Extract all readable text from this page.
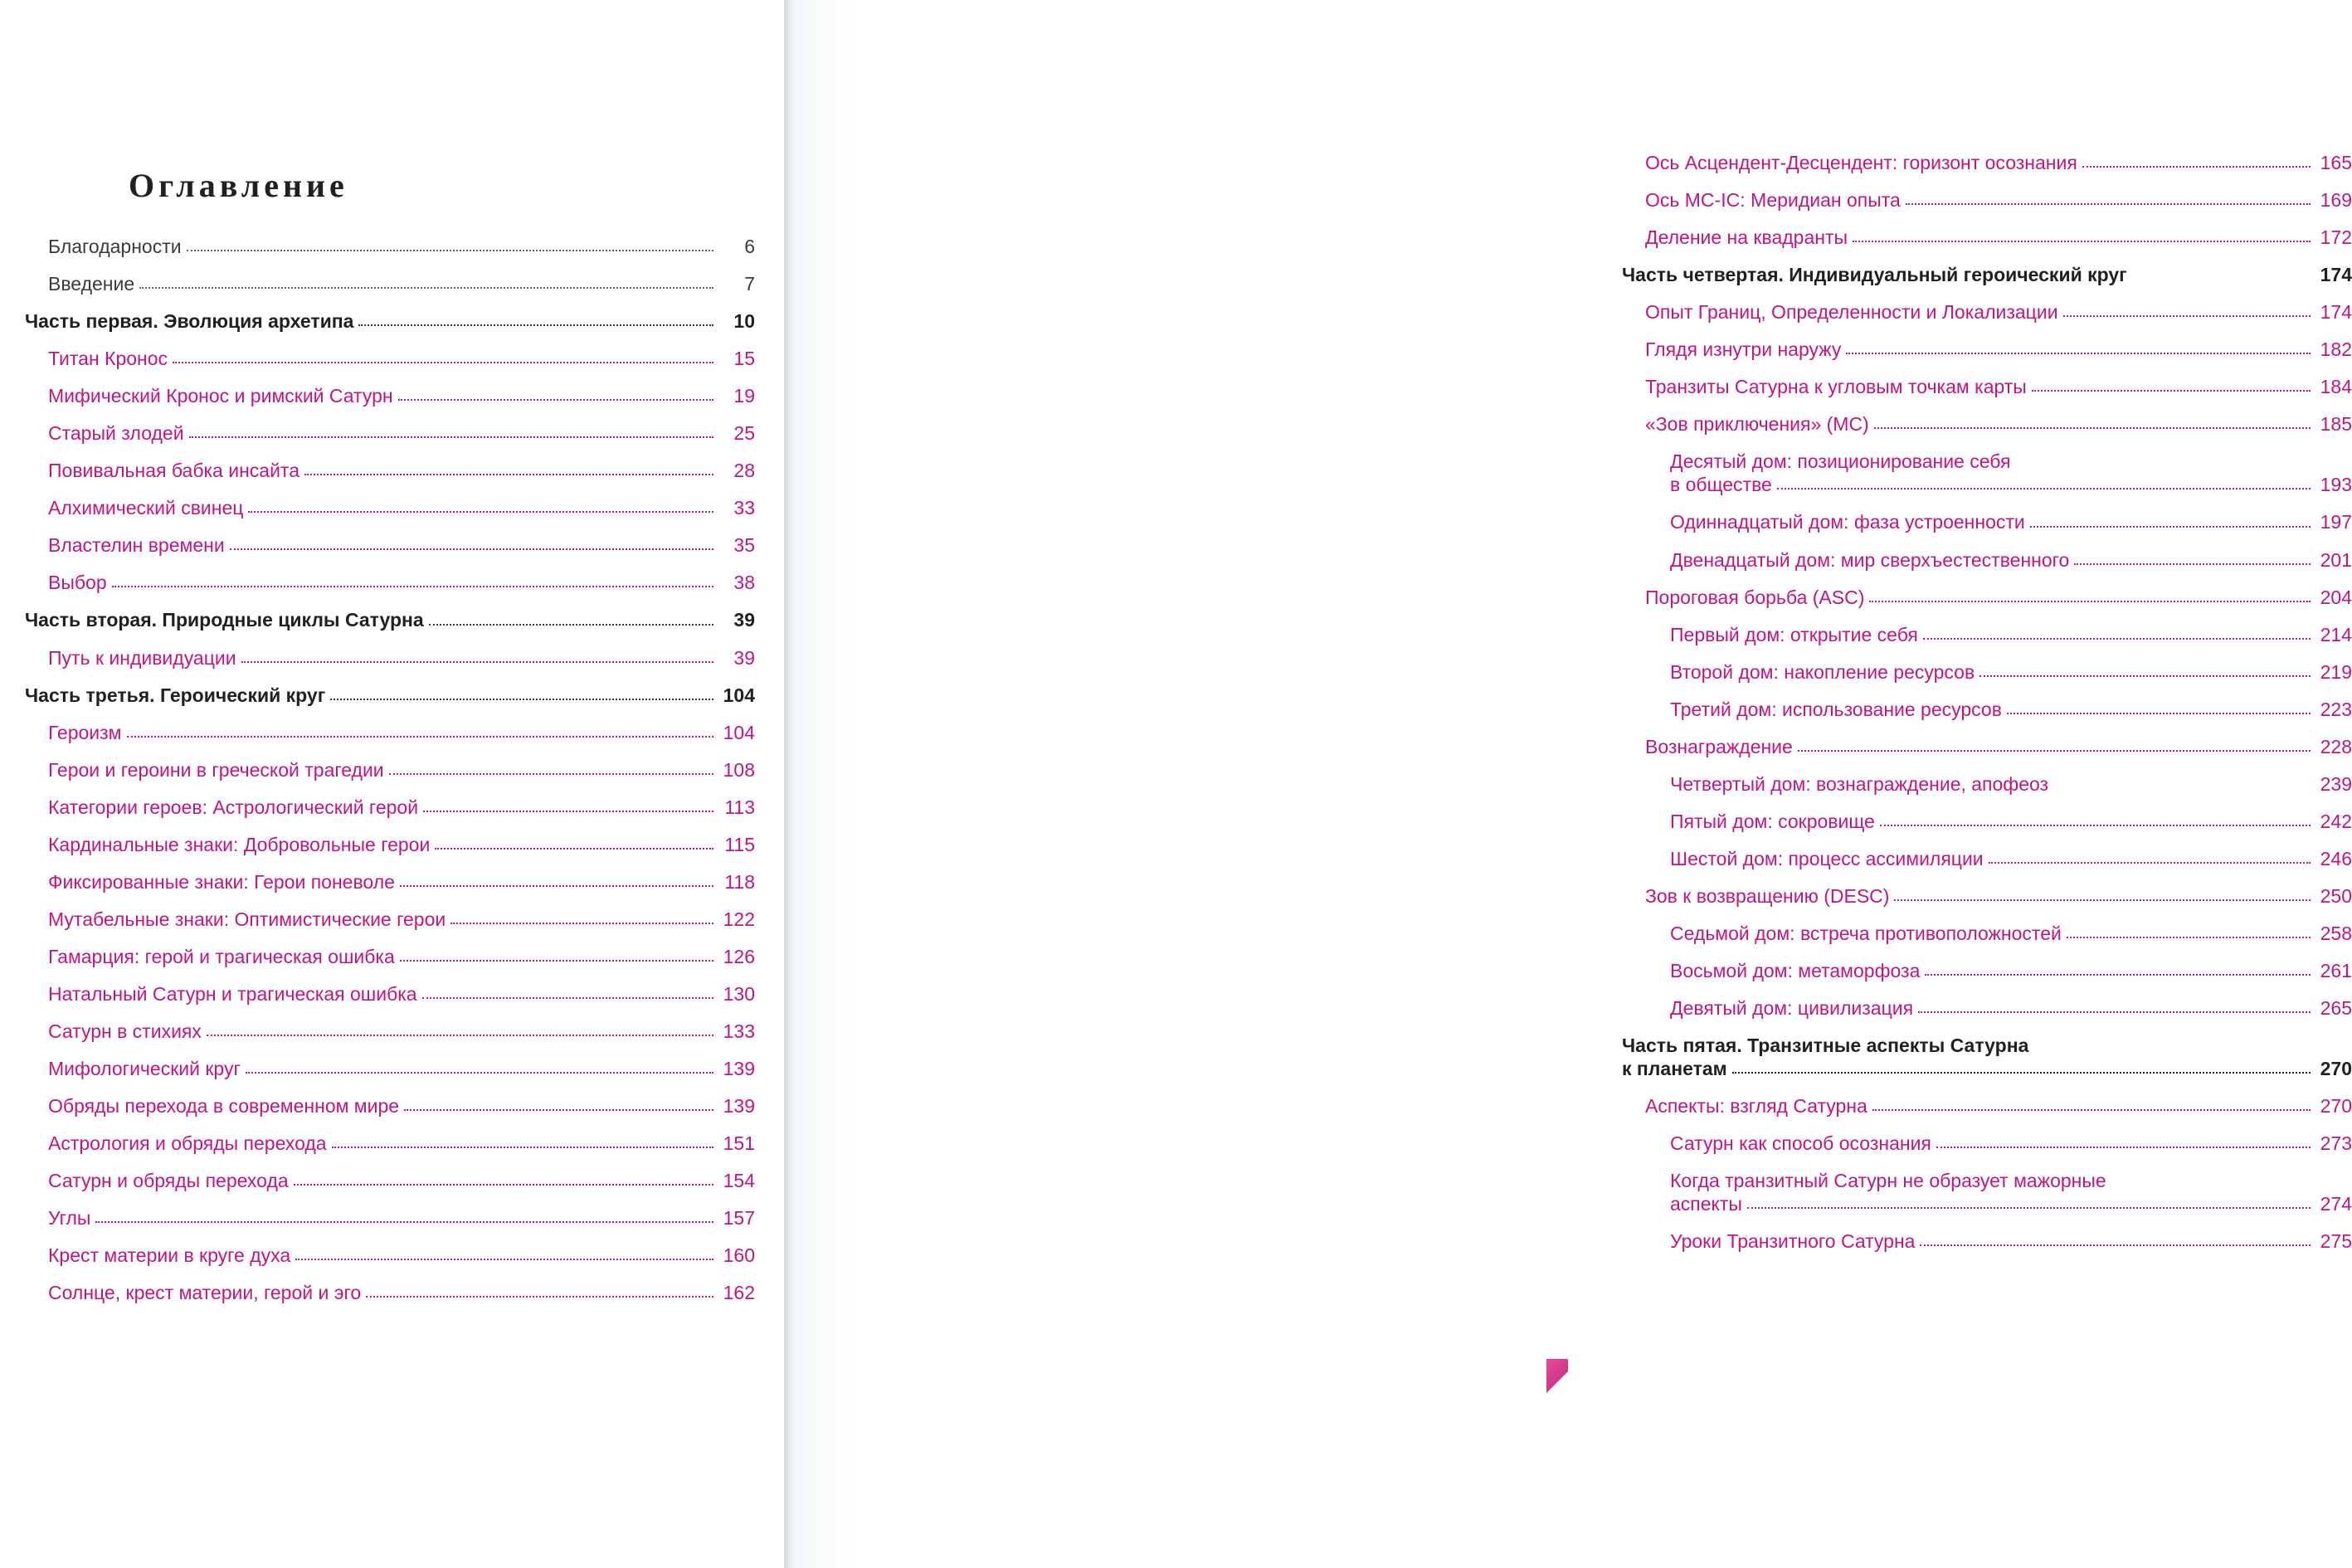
Оглавление
Благодарности	6
Введение	7
Часть первая. Эволюция архетипа	10
Титан Кронос	15
Мифический Кронос и римский Сатурн	19
Старый злодей	25
Повивальная бабка инсайта	28
Алхимический свинец	33
Властелин времени	35
Выбор	38
Часть вторая. Природные циклы Сатурна	39
Путь к индивидуации	39
Часть третья. Героический круг	104
Героизм	104
Герои и героини в греческой трагедии	108
Категории героев: Астрологический герой	113
Кардинальные знаки: Добровольные герои	115
Фиксированные знаки: Герои поневоле	118
Мутабельные знаки: Оптимистические герои	122
Гамарция: герой и трагическая ошибка	126
Натальный Сатурн и трагическая ошибка	130
Сатурн в стихиях	133
Мифологический круг	139
Обряды перехода в современном мире	139
Астрология и обряды перехода	151
Сатурн и обряды перехода	154
Углы	157
Крест материи в круге духа	160
Солнце, крест материи, герой и эго	162
Ось Асцендент-Десцендент: горизонт осознания	165
Ось MC-IC: Меридиан опыта	169
Деление на квадранты	172
Часть четвертая. Индивидуальный героический круг	174
Опыт Границ, Определенности и Локализации	174
Глядя изнутри наружу	182
Транзиты Сатурна к угловым точкам карты	184
«Зов приключения» (MC)	185
Десятый дом: позиционирование себя
в обществе	193
Одиннадцатый дом: фаза устроенности	197
Двенадцатый дом: мир сверхъестественного	201
Пороговая борьба (ASC)	204
Первый дом: открытие себя	214
Второй дом: накопление ресурсов	219
Третий дом: использование ресурсов	223
Вознаграждение	228
Четвертый дом: вознаграждение, апофеоз	239
Пятый дом: сокровище	242
Шестой дом: процесс ассимиляции	246
Зов к возвращению (DESC)	250
Седьмой дом: встреча противоположностей	258
Восьмой дом: метаморфоза	261
Девятый дом: цивилизация	265
Часть пятая. Транзитные аспекты Сатурна
к планетам	270
Аспекты: взгляд Сатурна	270
Сатурн как способ осознания	273
Когда транзитный Сатурн не образует мажорные
аспекты	274
Уроки Транзитного Сатурна	275
